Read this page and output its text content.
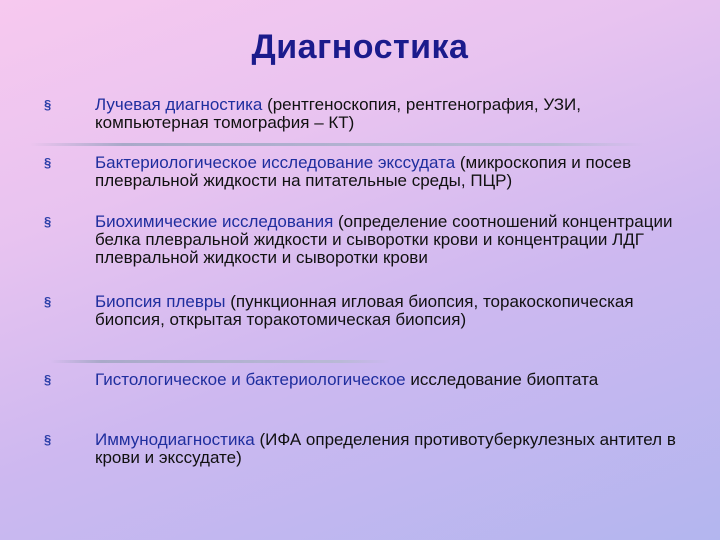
Диагностика
§	Лучевая диагностика (рентгеноскопия, рентгенография, УЗИ, компьютерная томография – КТ)

§	Бактериологическое исследование экссудата (микроскопия и посев плевральной жидкости на питательные среды, ПЦР)

§	Биохимические исследования (определение соотношений концентрации белка плевральной жидкости и сыворотки крови и концентрации ЛДГ плевральной жидкости и сыворотки крови

§	Биопсия плевры (пункционная игловая биопсия, торакоскопическая биопсия, открытая торакотомическая биопсия)

§	Гистологическое и бактериологическое исследование биоптата

§	Иммунодиагностика (ИФА определения противотуберкулезных антител в крови и экссудате)
